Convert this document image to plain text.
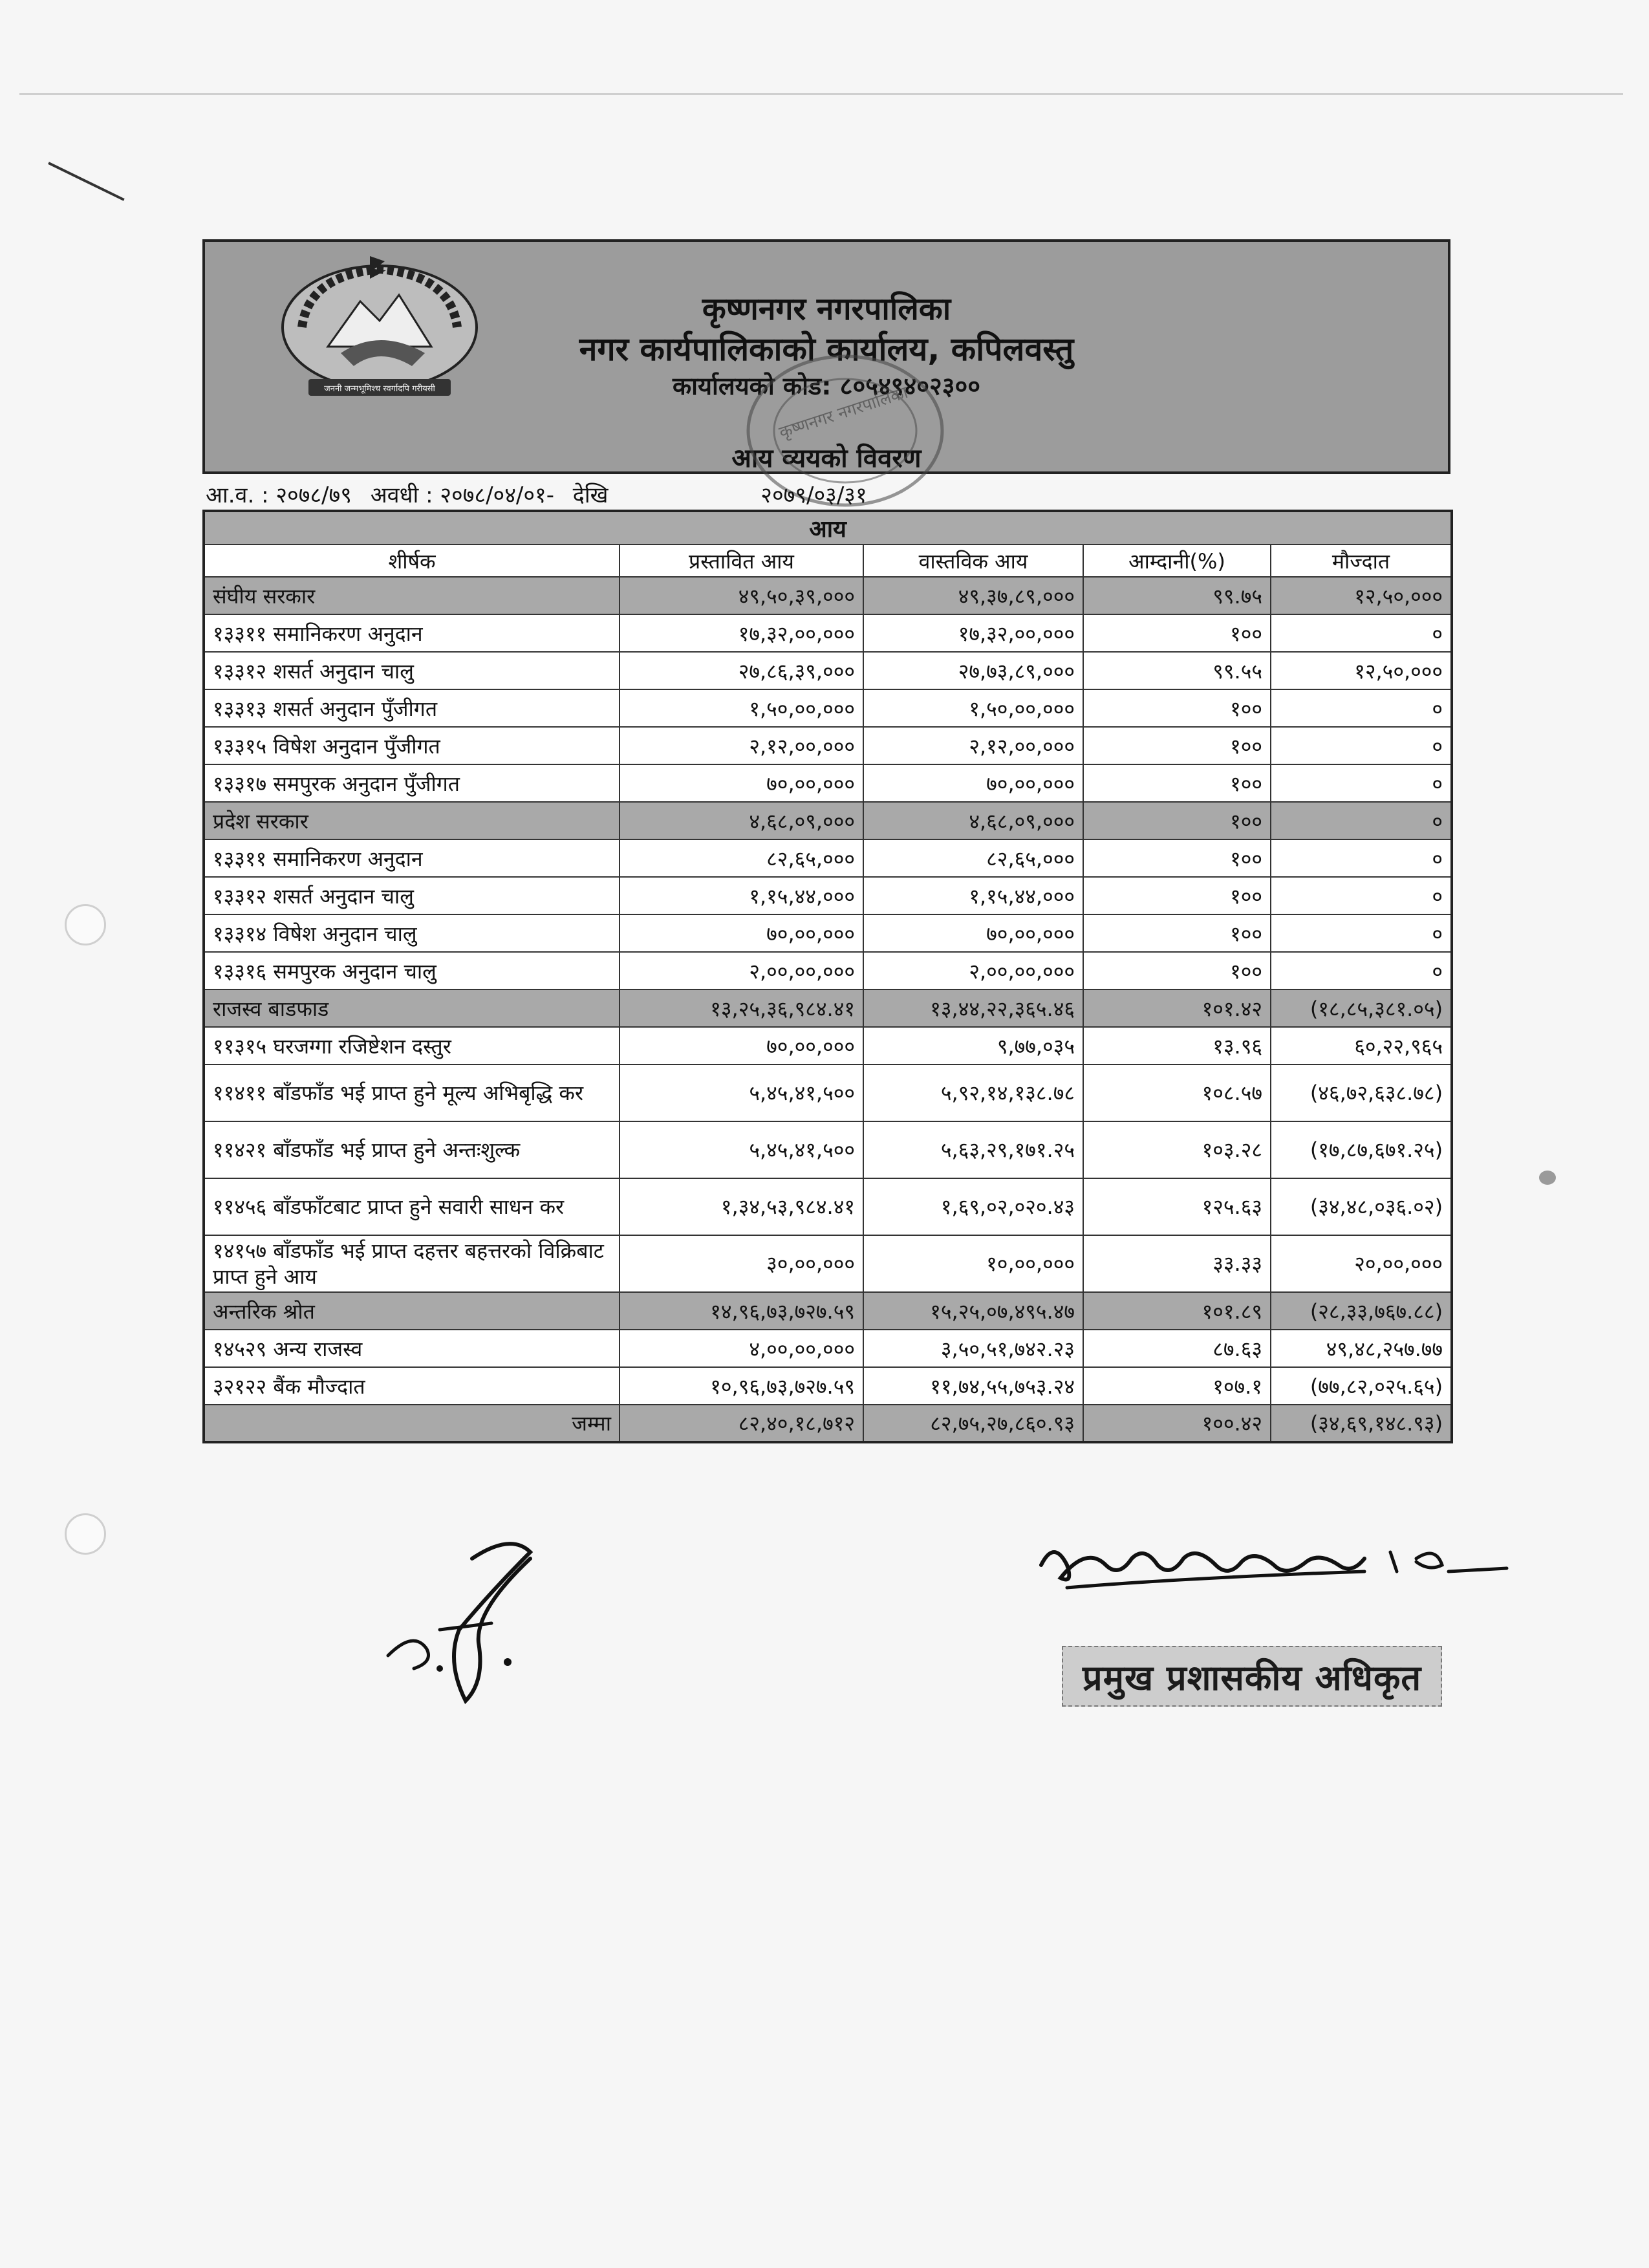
जननी जन्मभूमिश्च स्वर्गादपि गरीयसी
कृष्णनगर नगरपालिका
नगर कार्यपालिकाको कार्यालय, कपिलवस्तु
कार्यालयको कोड: ८०५४९४०२३००
आय व्ययको विवरण
कृष्णनगर नगरपालिका
आ.व. : २०७८/७९ अवधी : २०७८/०४/०१- देखि	२०७९/०३/३१
आय				
शीर्षक	प्रस्तावित आय	वास्तविक आय	आम्दानी(%)	मौज्दात
संघीय सरकार	४९,५०,३९,०००	४९,३७,८९,०००	९९.७५	१२,५०,०००
१३३११ समानिकरण अनुदान	१७,३२,००,०००	१७,३२,००,०००	१००	०
१३३१२ शसर्त अनुदान चालु	२७,८६,३९,०००	२७,७३,८९,०००	९९.५५	१२,५०,०००
१३३१३ शसर्त अनुदान पुँजीगत	१,५०,००,०००	१,५०,००,०००	१००	०
१३३१५ विषेश अनुदान पुँजीगत	२,१२,००,०००	२,१२,००,०००	१००	०
१३३१७ समपुरक अनुदान पुँजीगत	७०,००,०००	७०,००,०००	१००	०
प्रदेश सरकार	४,६८,०९,०००	४,६८,०९,०००	१००	०
१३३११ समानिकरण अनुदान	८२,६५,०००	८२,६५,०००	१००	०
१३३१२ शसर्त अनुदान चालु	१,१५,४४,०००	१,१५,४४,०००	१००	०
१३३१४ विषेश अनुदान चालु	७०,००,०००	७०,००,०००	१००	०
१३३१६ समपुरक अनुदान चालु	२,००,००,०००	२,००,००,०००	१००	०
राजस्व बाडफाड	१३,२५,३६,९८४.४१	१३,४४,२२,३६५.४६	१०१.४२	(१८,८५,३८१.०५)
११३१५ घरजग्गा रजिष्टेशन दस्तुर	७०,००,०००	९,७७,०३५	१३.९६	६०,२२,९६५
११४११ बाँडफाँड भई प्राप्त हुने मूल्य अभिबृद्धि कर	५,४५,४१,५००	५,९२,१४,१३८.७८	१०८.५७	(४६,७२,६३८.७८)
११४२१ बाँडफाँड भई प्राप्त हुने अन्तःशुल्क	५,४५,४१,५००	५,६३,२९,१७१.२५	१०३.२८	(१७,८७,६७१.२५)
११४५६ बाँडफाँटबाट प्राप्त हुने सवारी साधन कर	१,३४,५३,९८४.४१	१,६९,०२,०२०.४३	१२५.६३	(३४,४८,०३६.०२)
१४१५७ बाँडफाँड भई प्राप्त दहत्तर बहत्तरको विक्रिबाट प्राप्त हुने आय	३०,००,०००	१०,००,०००	३३.३३	२०,००,०००
अन्तरिक श्रोत	१४,९६,७३,७२७.५९	१५,२५,०७,४९५.४७	१०१.८९	(२८,३३,७६७.८८)
१४५२९ अन्य राजस्व	४,००,००,०००	३,५०,५१,७४२.२३	८७.६३	४९,४८,२५७.७७
३२१२२ बैंक मौज्दात	१०,९६,७३,७२७.५९	११,७४,५५,७५३.२४	१०७.१	(७७,८२,०२५.६५)
जम्मा	८२,४०,१८,७१२	८२,७५,२७,८६०.९३	१००.४२	(३४,६९,१४८.९३)
प्रमुख प्रशासकीय अधिकृत
